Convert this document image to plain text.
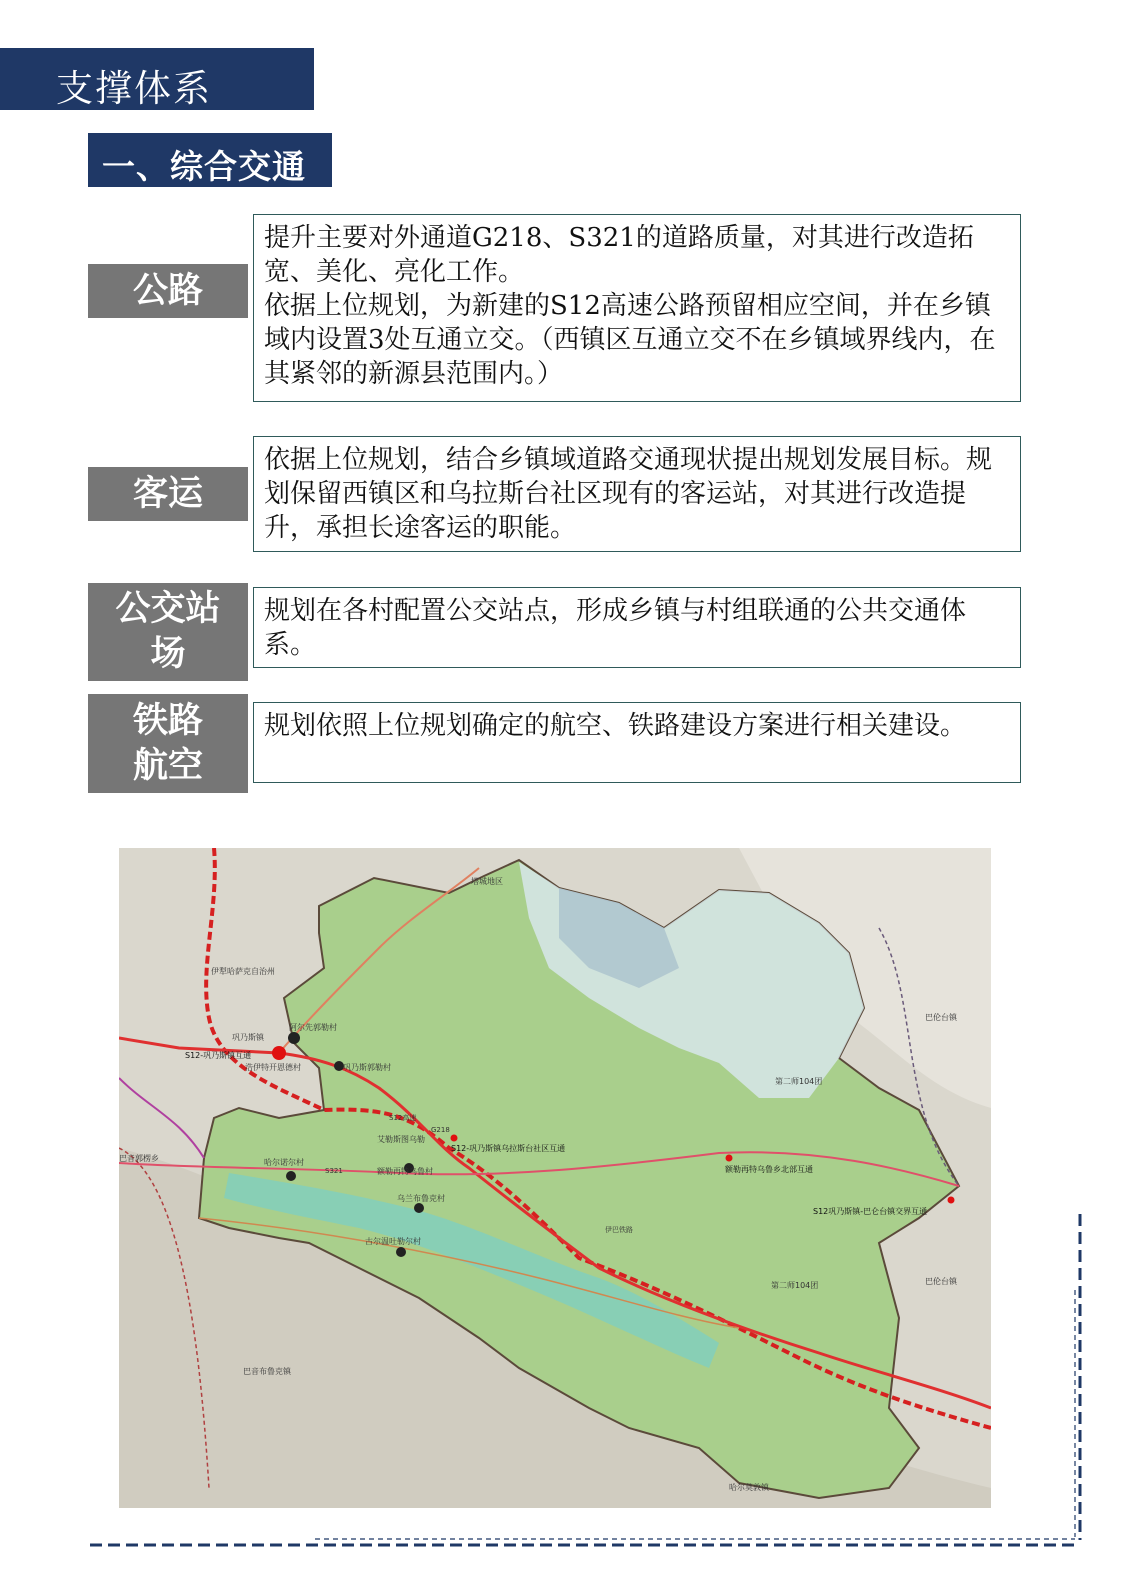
支撑体系
一、综合交通
公路

提升主要对外通道G218、S321的道路质量，对其进行改造拓宽、美化、亮化工作。

依据上位规划，为新建的S12高速公路预留相应空间，并在乡镇域内设置3处互通立交。（西镇区互通立交不在乡镇域界线内，在其紧邻的新源县范围内。）

客运

依据上位规划，结合乡镇域道路交通现状提出规划发展目标。规划保留西镇区和乌拉斯台社区现有的客运站，对其进行改造提升，承担长途客运的职能。

公交站
场

规划在各村配置公交站点，形成乡镇与村组联通的公共交通体系。

铁路
航空

规划依照上位规划确定的航空、铁路建设方案进行相关建设。

塔城地区
伊犁哈萨克自治州
巴伦台镇
巴伦台镇
第二师104团
第二师104团
巴音布鲁克镇
哈尔莫敦镇
巴音郭楞乡
巩乃斯镇
阿尔先郭勒村
浩伊特开恩德村	巩乃斯郭勒村
艾勒斯图乌勒
额勒再特乌鲁村
哈尔诺尔村
乌兰布鲁克村
古尔温吐勒尔村
S12-巩乃斯镇互通
S12-巩乃斯镇乌拉斯台社区互通
额勒再特乌鲁乡北部互通
S12巩乃斯镇-巴仑台镇交界互通
G218
S321
S12高速
伊巴铁路
